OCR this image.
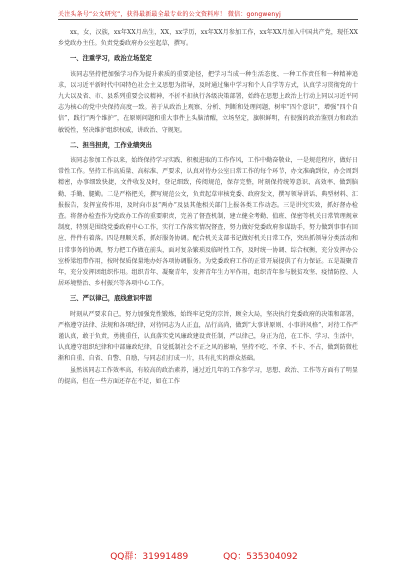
关注头条号“公文研究”，获得最新最全最专业的公文资料库！ 微信：gongwenyj

xx，女，汉族，xx年XX月出生，XX，xx学历，xx年XX月参加工作，xx年XX月加入中国共产党，现任XX乡党政办主任。负责党委政府办公室起草，撰写。

一、注重学习，政治立场坚定

该同志坚持把加强学习作为提升素质的重要途径，把学习当成一种生活态度、一种工作责任和一种精神追求，以习近平新时代中国特色社会主义思想为指导，及时通过集中学习和个人自学等方式，认真学习贯彻党的十九大以及省、市、县系列重要会议精神，不折不扣执行各级决策部署，始终在思想上政治上行动上同以习近平同志为核心的党中央保持高度一致。善于从政治上观察、分析、判断和处理问题，树牢“四个意识”，增强“四个自信”，践行“两个维护”，在原则问题和重大事件上头脑清醒，立场坚定，旗帜鲜明，有很强的政治鉴别力和政治敏锐性，坚决维护组织权威，讲政治、守规矩。

二、担当担责，工作业绩突出

该同志参加工作以来，始终保持学习实践、积极进取的工作作风，工作中勤奋敬业，一是规范程序，做好日常性工作。坚持工作高质量、高标准、严要求，认真对待办公室日常工作的每个环节，办文准确到位，办会周到精密，办事细致快捷，文件收发及时，登记细致，传阅规范，保存完整，时刻保持统筹意识、高效率、做到脑勤、手勤、腿勤。二是严格把关，撰写规范公文，负责起草审核党委、政府发文，撰写领导讲话、典型材料、汇报报告，发挥宣传作用，及时向市县“两办”及县其他相关部门上报各类工作动态。三是讲究实效，抓好督办检查。将督办检查作为党政办工作的重要职责，完善了督查机制，建立健全考勤、值班、保密等机关日常管理规章制度，特别是围绕党委政府中心工作，实行工作落实情况督查，努力做好党委政府参谋助手，努力做到事事有回应、件件有着落。四是理顺关系，抓好服务协调。配合机关支部书记做好机关日常工作，突出抓领导分类活动和日常事务的协调，努力把工作做在前头，面对复杂繁琐及临时性工作，及时统一协调、综合权衡，充分发挥办公室桥梁纽带作用，按时保质保量地办好各项协调服务。为党委政府工作的正常开展提供了有力保证。五是凝聚青年，充分发挥团组织作用。组织青年、凝聚青年，发挥青年生力军作用，组织青年参与脱贫攻坚、疫情防控、人居环境整治、乡村振兴等各项中心工作。

三、严以律己，底线意识牢固

时刻从严要求自己，努力加强党性锻炼，始终牢记党的宗旨，顾全大局，坚决执行党委政府的决策和部署，严格遵守法律、法规和各项纪律，对待同志为人正直，品行高尚，做到“大事讲原则、小事讲风格”，对待工作严谨认真，敢于负责，勇挑重任，认真落实党风廉政建设责任制，严以律己，身正为范，在工作、学习、生活中，认真遵守组织纪律和中部廉政纪律，自觉抵制社会不正之风的影响，坚持不吃、不拿、不卡、不占，做到防微杜渐和自重、自省、自警、自励，与同志们打成一片，具有扎实的群众基础。

虽然该同志工作效率高，有较高的政治素养，通过近几年的工作参学习，思想、政治、工作等方面有了明显的提高，但在一些方面还存在不足，如在工作

QQ群：31991489	QQ：535304092
